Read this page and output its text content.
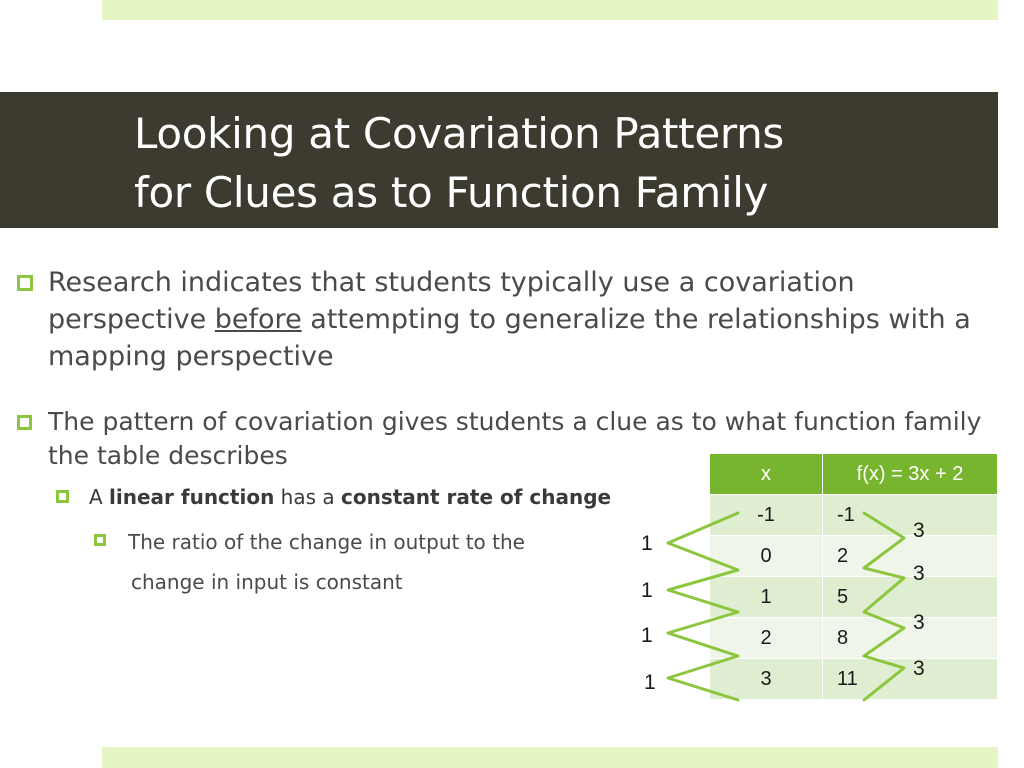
Looking at Covariation Patterns
for Clues as to Function Family
Research indicates that students typically use a covariation perspective before attempting to generalize the relationships with a mapping perspective
The pattern of covariation gives students a clue as to what function family the table describes
A linear function has a constant rate of change
The ratio of the change in output to the
change in input is constant
x	f(x) = 3x + 2
-1	-1
0	2
1	5
2	8
3	11
1
1
1
1
3
3
3
3
